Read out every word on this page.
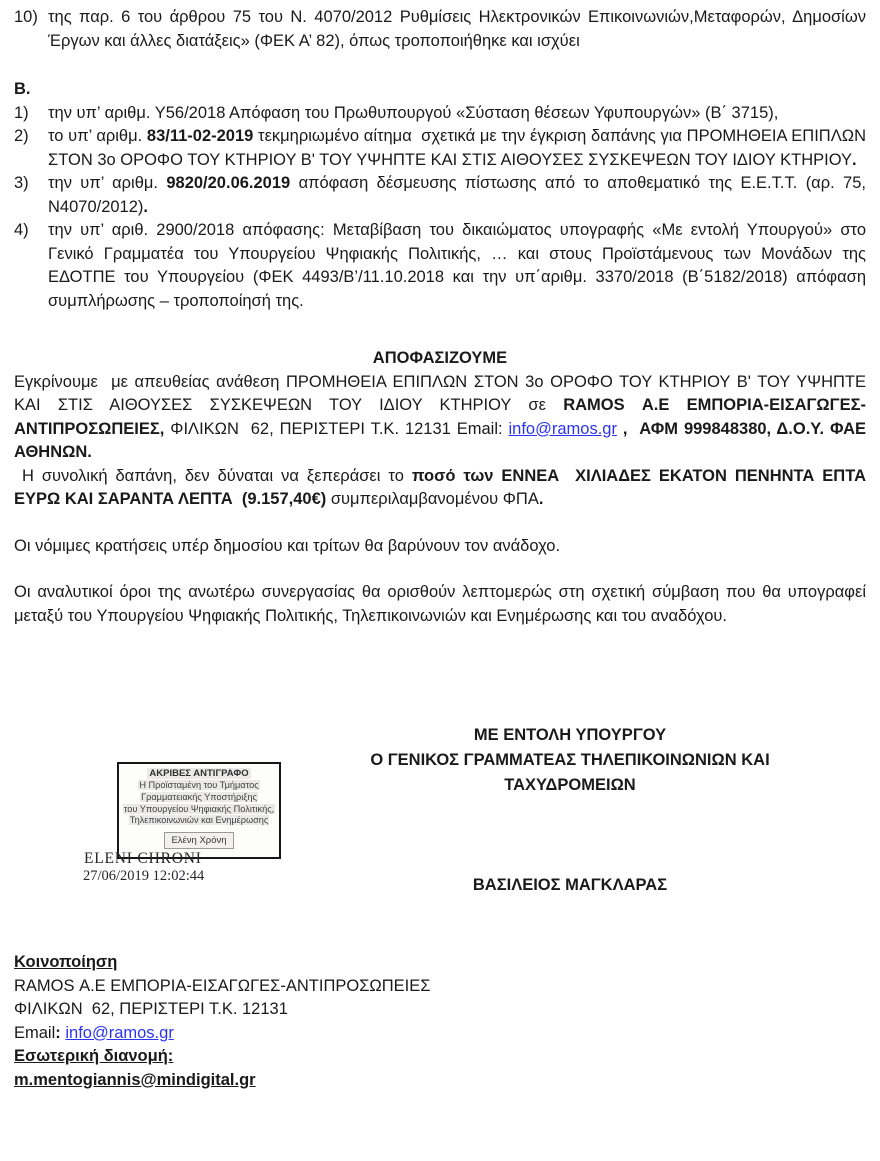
10) της παρ. 6 του άρθρου 75 του Ν. 4070/2012 Ρυθμίσεις Ηλεκτρονικών Επικοινωνιών,Μεταφορών, Δημοσίων Έργων και άλλες διατάξεις» (ΦΕΚ Α’ 82), όπως τροποποιήθηκε και ισχύει
Β.
1)	την υπ’ αριθμ. Υ56/2018 Απόφαση του Πρωθυπουργού «Σύσταση θέσεων Υφυπουργών» (Β΄ 3715),
2)	το υπ’ αριθμ. 83/11-02-2019 τεκμηριωμένο αίτημα  σχετικά με την έγκριση δαπάνης για ΠΡΟΜΗΘΕΙΑ ΕΠΙΠΛΩΝ ΣΤΟΝ 3ο ΟΡΟΦΟ ΤΟΥ ΚΤΗΡΙΟΥ Β' ΤΟΥ ΥΨΗΠΤΕ ΚΑΙ ΣΤΙΣ ΑΙΘΟΥΣΕΣ ΣΥΣΚΕΨΕΩΝ ΤΟΥ ΙΔΙΟΥ ΚΤΗΡΙΟΥ.
3)	την υπ’ αριθμ. 9820/20.06.2019 απόφαση δέσμευσης πίστωσης από το αποθεματικό της Ε.Ε.Τ.Τ. (αρ. 75, Ν4070/2012).
4)	την υπ’ αριθ. 2900/2018 απόφασης: Μεταβίβαση του δικαιώματος υπογραφής «Με εντολή Υπουργού» στο Γενικό Γραμματέα του Υπουργείου Ψηφιακής Πολιτικής, … και στους Προϊστάμενους των Μονάδων της ΕΔΟΤΠΕ του Υπουργείου (ΦΕΚ 4493/Β’/11.10.2018 και την υπ΄αριθμ. 3370/2018 (Β΄5182/2018) απόφαση συμπλήρωσης – τροποποίησή της.
ΑΠΟΦΑΣΙΖΟΥΜΕ

Εγκρίνουμε  με απευθείας ανάθεση ΠΡΟΜΗΘΕΙΑ ΕΠΙΠΛΩΝ ΣΤΟΝ 3ο ΟΡΟΦΟ ΤΟΥ ΚΤΗΡΙΟΥ Β' ΤΟΥ ΥΨΗΠΤΕ ΚΑΙ ΣΤΙΣ ΑΙΘΟΥΣΕΣ ΣΥΣΚΕΨΕΩΝ ΤΟΥ ΙΔΙΟΥ ΚΤΗΡΙΟΥ σε RAMOS Α.Ε ΕΜΠΟΡΙΑ-ΕΙΣΑΓΩΓΕΣ-ΑΝΤΙΠΡΟΣΩΠΕΙΕΣ, ΦΙΛΙΚΩΝ  62, ΠΕΡΙΣΤΕΡΙ Τ.Κ. 12131 Email: info@ramos.gr ,  ΑΦΜ 999848380, Δ.Ο.Υ. ΦΑΕ ΑΘΗΝΩΝ.

Η συνολική δαπάνη, δεν δύναται να ξεπεράσει το ποσό των ΕΝΝΕΑ  ΧΙΛΙΑΔΕΣ ΕΚΑΤΟΝ ΠΕΝΗΝΤΑ ΕΠΤΑ  ΕΥΡΩ ΚΑΙ ΣΑΡΑΝΤΑ ΛΕΠΤΑ  (9.157,40€) συμπεριλαμβανομένου ΦΠΑ.

Οι νόμιμες κρατήσεις υπέρ δημοσίου και τρίτων θα βαρύνουν τον ανάδοχο.

Οι αναλυτικοί όροι της ανωτέρω συνεργασίας θα ορισθούν λεπτομερώς στη σχετική σύμβαση που θα υπογραφεί μεταξύ του Υπουργείου Ψηφιακής Πολιτικής, Τηλεπικοινωνιών και Ενημέρωσης και του αναδόχου.

ΜΕ ΕΝΤΟΛΗ ΥΠΟΥΡΓΟΥ
Ο ΓΕΝΙΚΟΣ ΓΡΑΜΜΑΤΕΑΣ ΤΗΛΕΠΙΚΟΙΝΩΝΙΩΝ ΚΑΙ ΤΑΧΥΔΡΟΜΕΙΩΝ
ΒΑΣΙΛΕΙΟΣ ΜΑΓΚΛΑΡΑΣ
ΑΚΡΙΒΕΣ ΑΝΤΙΓΡΑΦΟ
Η Προϊσταμένη του Τμήματος
Γραμματειακής Υποστήριξης
του Υπουργείου Ψηφιακής Πολιτικής,
Τηλεπικοινωνιών και Ενημέρωσης
Ελένη Χρόνη
ELENI CHRONI
27/06/2019 12:02:44
Κοινοποίηση
RAMOS Α.Ε ΕΜΠΟΡΙΑ-ΕΙΣΑΓΩΓΕΣ-ΑΝΤΙΠΡΟΣΩΠΕΙΕΣ
ΦΙΛΙΚΩΝ  62, ΠΕΡΙΣΤΕΡΙ Τ.Κ. 12131
Email: info@ramos.gr
Εσωτερική διανομή:
m.mentogiannis@mindigital.gr
